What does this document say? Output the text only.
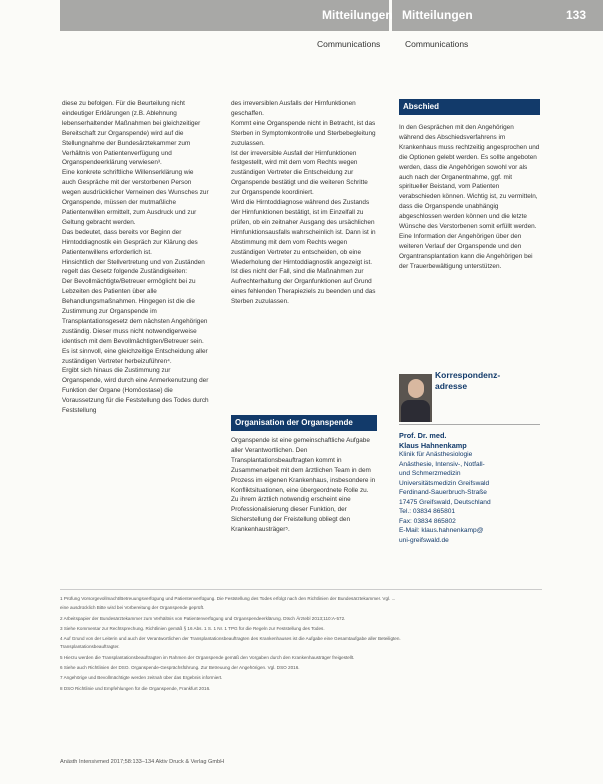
Mitteilungen Mitteilungen	133
Communications	Communications

diese zu befolgen. Für die Beurteilung nicht eindeutiger Erklärungen (z.B. Ablehnung lebenserhaltender Maßnahmen bei gleichzeitiger Bereitschaft zur Organspende) wird auf die Stellungnahme der Bundesärztekammer zum Verhältnis von Patientenverfügung und Organspendeerklärung verwiesen³.

Eine konkrete schriftliche Willenserklärung wie auch Gespräche mit der verstorbenen Person wegen ausdrücklicher Verneinen des Wunsches zur Organspende, müssen der mutmaßliche Patientenwillen ermittelt, zum Ausdruck und zur Geltung gebracht werden.

Das bedeutet, dass bereits vor Beginn der Hirntoddiagnostik ein Gespräch zur Klärung des Patientenwillens erforderlich ist.

Hinsichtlich der Stellvertretung und von Zuständen regelt das Gesetz folgende Zuständigkeiten:

Der Bevollmächtigte/Betreuer ermöglicht bei zu Lebzeiten des Patienten über alle Behandlungsmaßnahmen. Hingegen ist die die Zustimmung zur Organspende im Transplantationsgesetz dem nächsten Angehörigen zuständig. Dieser muss nicht notwendigerweise identisch mit dem Bevollmächtigten/Betreuer sein.

Es ist sinnvoll, eine gleichzeitige Entscheidung aller zuständigen Vertreter herbeizuführen⁴.

Ergibt sich hinaus die Zustimmung zur Organspende, wird durch eine Anmerkenutzung der Funktion der Organe (Homöostase) die Voraussetzung für die Feststellung des Todes durch Feststellung

des irreversiblen Ausfalls der Hirnfunktionen geschaffen.

Kommt eine Organspende nicht in Betracht, ist das Sterben in Symptomkontrolle und Sterbebegleitung zuzulassen.

Ist der irreversible Ausfall der Hirnfunktionen festgestellt, wird mit dem vom Rechts wegen zuständigen Vertreter die Entscheidung zur Organspende bestätigt und die weiteren Schritte zur Organspende koordiniert.

Wird die Hirntoddiagnose während des Zustands der Hirnfunktionen bestätigt, ist im Einzelfall zu prüfen, ob ein zeitnaher Ausgang des ursächlichen Hirnfunktionsausfalls wahrscheinlich ist. Dann ist in Abstimmung mit dem vom Rechts wegen zuständigen Vertreter zu entscheiden, ob eine Wiederholung der Hirntoddiagnostik angezeigt ist. Ist dies nicht der Fall, sind die Maßnahmen zur Aufrechterhaltung der Organfunktionen auf Grund eines fehlenden Therapieziels zu beenden und das Sterben zuzulassen.

Organisation der Organspende
Organspende ist eine gemeinschaftliche Aufgabe aller Verantwortlichen. Den Transplantationsbeauftragten kommt in Zusammenarbeit mit dem ärztlichen Team in dem Prozess im eigenen Krankenhaus, insbesondere in Konfliktsituationen, eine übergeordnete Rolle zu. Zu ihrem ärztlich notwendig erscheint eine Professionalisierung dieser Funktion, der Sicherstellung der Freistellung obliegt den Krankenhausträger⁵.
Abschied
In den Gesprächen mit den Angehörigen während des Abschiedsverfahrens im Krankenhaus muss rechtzeitig angesprochen und die Optionen gelebt werden. Es sollte angeboten werden, dass die Angehörigen sowohl vor als auch nach der Organentnahme, ggf. mit spiritueller Beistand, vom Patienten verabschieden können. Wichtig ist, zu vermitteln, dass die Organspende unabhängig abgeschlossen werden können und die letzte Wünsche des Verstorbenen somit erfüllt werden. Eine Information der Angehörigen über den weiteren Verlauf der Organspende und den Organtransplantation kann die Angehörigen bei der Trauerbewältigung unterstützen.
Korrespondenz-
adresse
Prof. Dr. med.
Klaus Hahnenkamp
Klinik für Anästhesiologie
Anästhesie, Intensiv-, Notfall-
und Schmerzmedizin
Universitätsmedizin Greifswald
Ferdinand-Sauerbruch-Straße
17475 Greifswald, Deutschland
Tel.: 03834 865801
Fax: 03834 865802
E-Mail: klaus.hahnenkamp@
uni-greifswald.de
1 Prüfung Vorsorgevollmacht/Betreuungsverfügung und Patientenverfügung. Die Feststellung des Todes erfolgt nach den Richtlinien der Bundesärztekammer. Vgl. ...
eine ausdrücklich Bitte wird bei Vorbereitung der Organspende geprüft.
2 Arbeitspapier der Bundesärztekammer zum Verhältnis von Patientenverfügung und Organspendeerklärung. Dtsch Ärztebl 2013;110:A-572.
3 Siehe Kommentar zur Rechtsprechung. Richtlinien gemäß § 16 Abs. 1 S. 1 Nr. 1 TPG für die Regeln zur Feststellung des Todes.
4 Auf Grund von der Leiterin und auch der Verantwortlichen der Transplantationsbeauftragten des Krankenhauses ist die Aufgabe eine Gesamtaufgabe aller Beteiligten.
Transplantationsbeauftragter.
5 Hierzu werden die Transplantationsbeauftragten im Rahmen der Organspende gemäß den Vorgaben durch den Krankenhausträger freigestellt.
6 Siehe auch Richtlinien der DSO. Organspende-Gesprächsführung. Zur Betreuung der Angehörigen. Vgl. DSO 2016.
7 Angehörige und Bevollmächtigte werden zeitnah über das Ergebnis informiert.
8 DSO Richtlinie und Empfehlungen für die Organspende, Frankfurt 2016.
Anästh Intensivmed 2017;58:133–134 Aktiv Druck & Verlag GmbH
